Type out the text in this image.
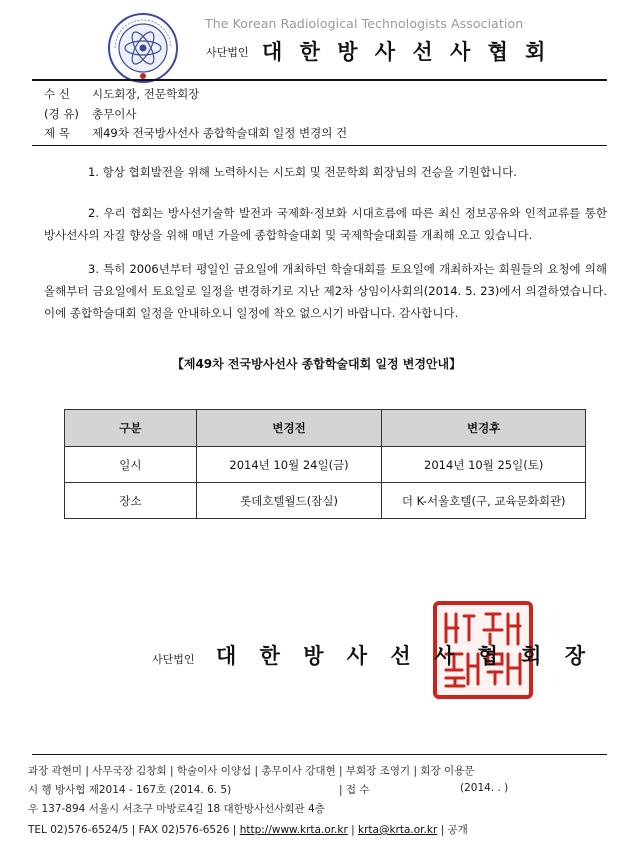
The Korean Radiological Technologists Association
사단법인 대 한 방 사 선 사 협 회
수 신 시도회장, 전문학회장
(경 유) 총무이사
제 목 제49차 전국방사선사 종합학술대회 일정 변경의 건

1. 항상 협회발전을 위해 노력하시는 시도회 및 전문학회 회장님의 건승을 기원합니다.

2. 우리 협회는 방사선기술학 발전과 국제화·정보화 시대흐름에 따른 최신 정보공유와 인적교류를 통한 방사선사의 자질 향상을 위해 매년 가을에 종합학술대회 및 국제학술대회를 개최해 오고 있습니다.

3. 특히 2006년부터 평일인 금요일에 개최하던 학술대회를 토요일에 개최하자는 회원들의 요청에 의해 올해부터 금요일에서 토요일로 일정을 변경하기로 지난 제2차 상임이사회의(2014. 5. 23)에서 의결하였습니다. 이에 종합학술대회 일정을 안내하오니 일정에 착오 없으시기 바랍니다. 감사합니다.

【제49차 전국방사선사 종합학술대회 일정 변경안내】
구분	변경전	변경후
일시	2014년 10월 24일(금)	2014년 10월 25일(토)
장소	롯데호텔월드(잠실)	더 K-서울호텔(구, 교육문화회관)
사단법인 대 한 방 사 선 사 협 회 장
과장 곽현미 | 사무국장 김창회 | 학술이사 이양섭 | 총무이사 강대현 | 부회장 조영기 | 회장 이용문
시 행 방사협 제2014 - 167호 (2014. 6. 5)	| 접 수	(2014. . )
우 137-894 서울시 서초구 마방로4길 18 대한방사선사회관 4층
TEL 02)576-6524/5 | FAX 02)576-6526 | http://www.krta.or.kr | krta@krta.or.kr | 공개
